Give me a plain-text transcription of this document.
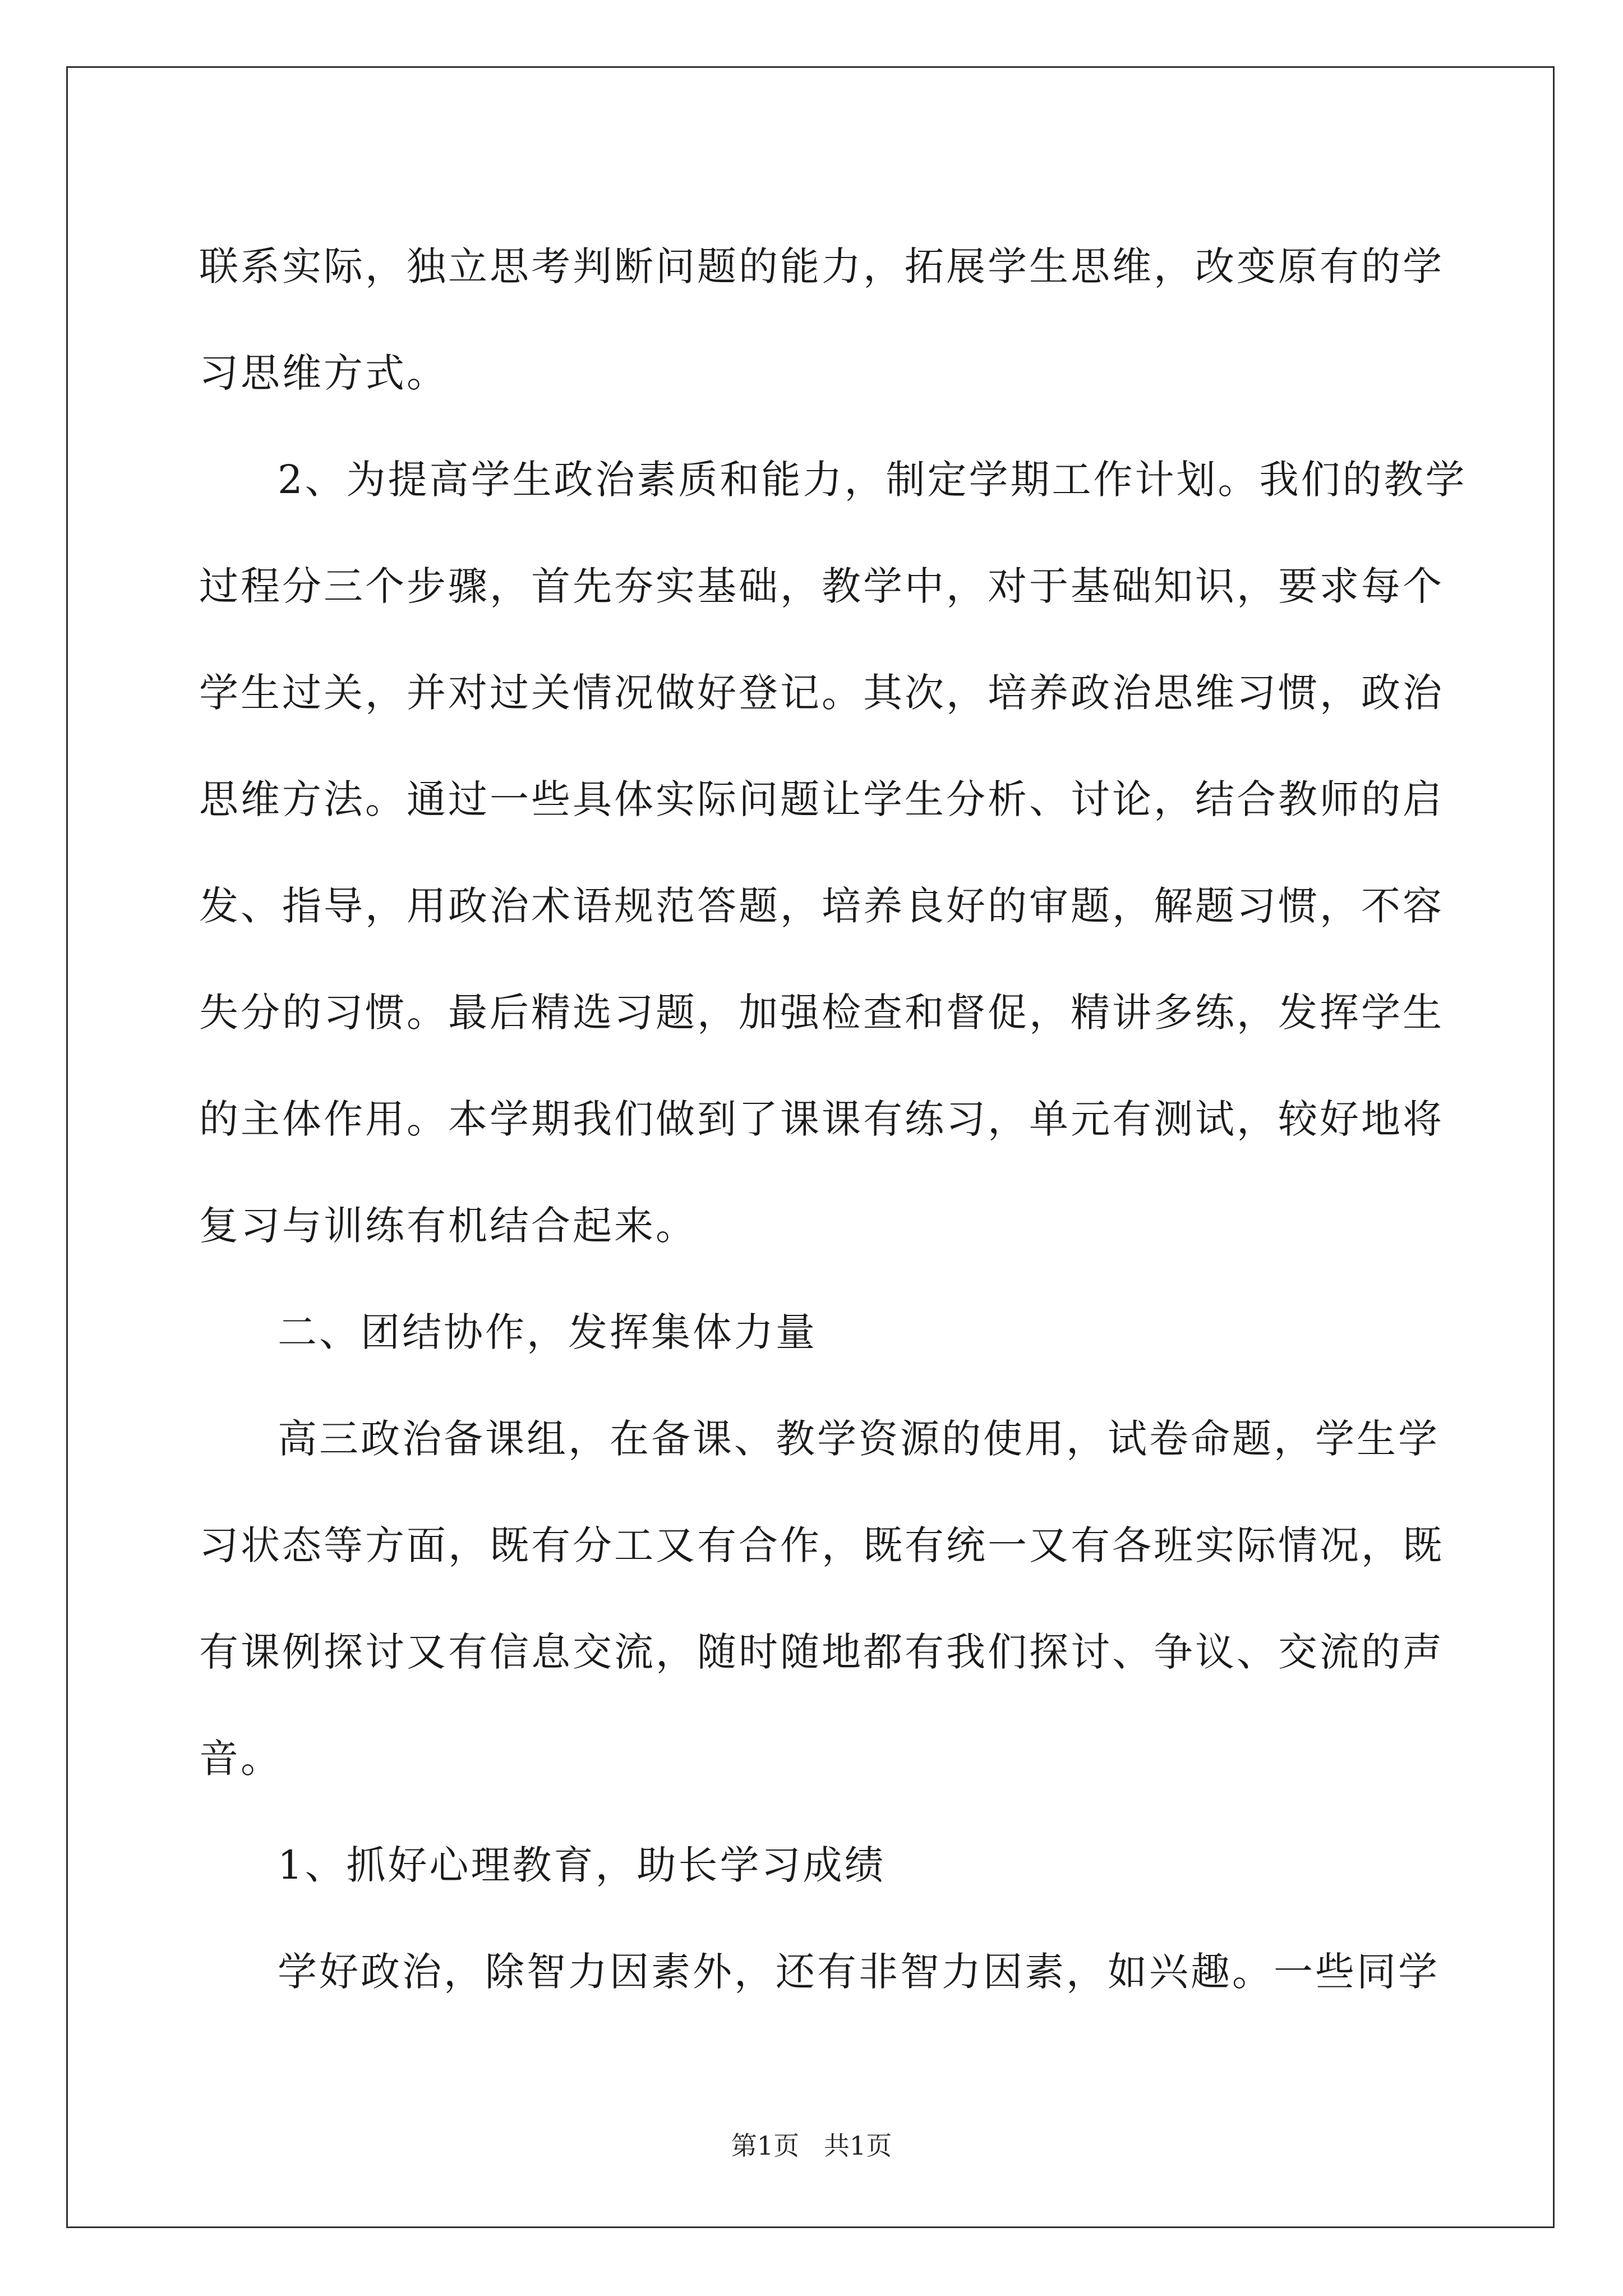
联系实际，独立思考判断问题的能力，拓展学生思维，改变原有的学
习思维方式。
2、为提高学生政治素质和能力，制定学期工作计划。我们的教学
过程分三个步骤，首先夯实基础，教学中，对于基础知识，要求每个
学生过关，并对过关情况做好登记。其次，培养政治思维习惯，政治
思维方法。通过一些具体实际问题让学生分析、讨论，结合教师的启
发、指导，用政治术语规范答题，培养良好的审题，解题习惯，不容
失分的习惯。最后精选习题，加强检查和督促，精讲多练，发挥学生
的主体作用。本学期我们做到了课课有练习，单元有测试，较好地将
复习与训练有机结合起来。
二、团结协作，发挥集体力量
高三政治备课组，在备课、教学资源的使用，试卷命题，学生学
习状态等方面，既有分工又有合作，既有统一又有各班实际情况，既
有课例探讨又有信息交流，随时随地都有我们探讨、争议、交流的声
音。
1、抓好心理教育，助长学习成绩
学好政治，除智力因素外，还有非智力因素，如兴趣。一些同学
第1页   共1页
